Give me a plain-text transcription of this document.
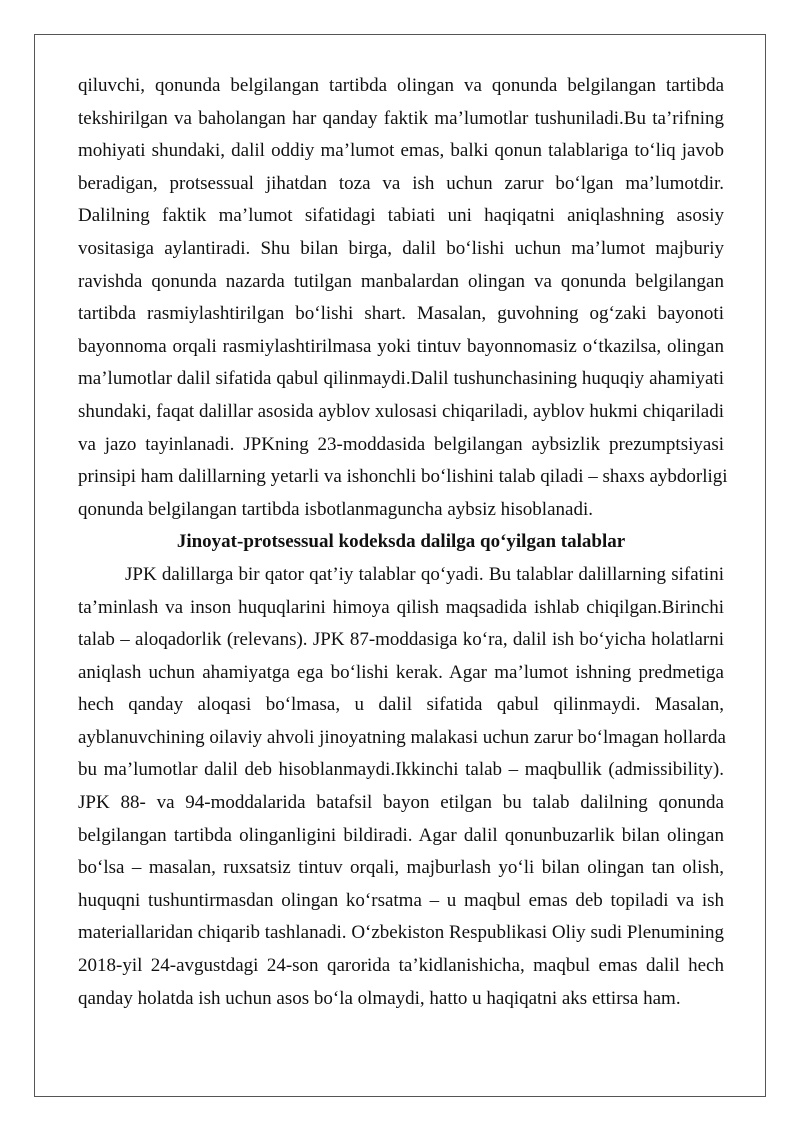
qiluvchi, qonunda belgilangan tartibda olingan va qonunda belgilangan tartibda
tekshirilgan va baholangan har qanday faktik ma’lumotlar tushuniladi.Bu ta’rifning
mohiyati shundaki, dalil oddiy ma’lumot emas, balki qonun talablariga to‘liq javob
beradigan, protsessual jihatdan toza va ish uchun zarur bo‘lgan ma’lumotdir.
Dalilning faktik ma’lumot sifatidagi tabiati uni haqiqatni aniqlashning asosiy
vositasiga aylantiradi. Shu bilan birga, dalil bo‘lishi uchun ma’lumot majburiy
ravishda qonunda nazarda tutilgan manbalardan olingan va qonunda belgilangan
tartibda rasmiylashtirilgan bo‘lishi shart. Masalan, guvohning og‘zaki bayonoti
bayonnoma orqali rasmiylashtirilmasa yoki tintuv bayonnomasiz o‘tkazilsa, olingan
ma’lumotlar dalil sifatida qabul qilinmaydi.Dalil tushunchasining huquqiy ahamiyati
shundaki, faqat dalillar asosida ayblov xulosasi chiqariladi, ayblov hukmi chiqariladi
va jazo tayinlanadi. JPKning 23-moddasida belgilangan aybsizlik prezumptsiyasi
prinsipi ham dalillarning yetarli va ishonchli bo‘lishini talab qiladi – shaxs aybdorligi
qonunda belgilangan tartibda isbotlanmaguncha aybsiz hisoblanadi.
Jinoyat-protsessual kodeksda dalilga qo‘yilgan talablar
JPK dalillarga bir qator qat’iy talablar qo‘yadi. Bu talablar dalillarning sifatini
ta’minlash va inson huquqlarini himoya qilish maqsadida ishlab chiqilgan.Birinchi
talab – aloqadorlik (relevans). JPK 87-moddasiga ko‘ra, dalil ish bo‘yicha holatlarni
aniqlash uchun ahamiyatga ega bo‘lishi kerak. Agar ma’lumot ishning predmetiga
hech qanday aloqasi bo‘lmasa, u dalil sifatida qabul qilinmaydi. Masalan,
ayblanuvchining oilaviy ahvoli jinoyatning malakasi uchun zarur bo‘lmagan hollarda
bu ma’lumotlar dalil deb hisoblanmaydi.Ikkinchi talab – maqbullik (admissibility).
JPK 88- va 94-moddalarida batafsil bayon etilgan bu talab dalilning qonunda
belgilangan tartibda olinganligini bildiradi. Agar dalil qonunbuzarlik bilan olingan
bo‘lsa – masalan, ruxsatsiz tintuv orqali, majburlash yo‘li bilan olingan tan olish,
huquqni tushuntirmasdan olingan ko‘rsatma – u maqbul emas deb topiladi va ish
materiallaridan chiqarib tashlanadi. O‘zbekiston Respublikasi Oliy sudi Plenumining
2018-yil 24-avgustdagi 24-son qarorida ta’kidlanishicha, maqbul emas dalil hech
qanday holatda ish uchun asos bo‘la olmaydi, hatto u haqiqatni aks ettirsa ham.
